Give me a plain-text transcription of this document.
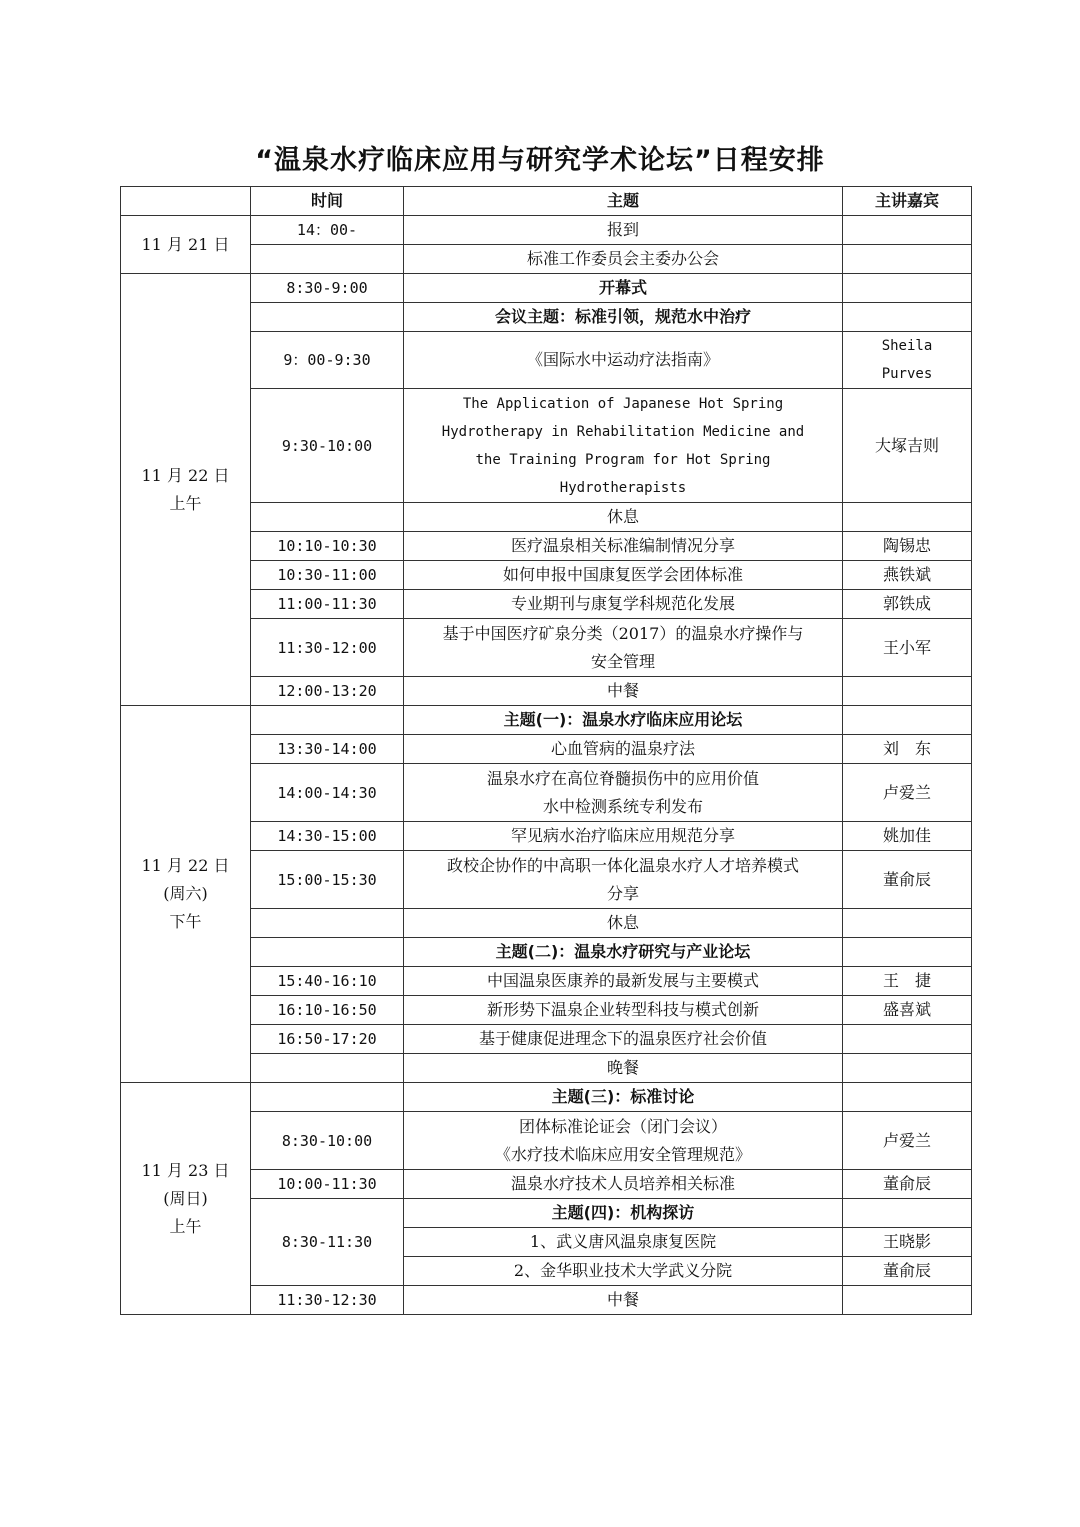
“温泉水疗临床应用与研究学术论坛”日程安排
	时间	主题	主讲嘉宾

11 月 21 日	14：00-	报到	

		标准工作委员会主委办公会	

11 月 22 日
上午	8:30-9:00	开幕式	

		会议主题：标准引领，规范水中治疗	

	9：00-9:30	《国际水中运动疗法指南》	Sheila
Purves

	9:30-10:00	The Application of Japanese Hot Spring
Hydrotherapy in Rehabilitation Medicine and
the Training Program for Hot Spring
Hydrotherapists	大塚吉则

		休息	

	10:10-10:30	医疗温泉相关标准编制情况分享	陶锡忠
	10:30-11:00	如何申报中国康复医学会团体标准	燕铁斌
	11:00-11:30	专业期刊与康复学科规范化发展	郭铁成
	11:30-12:00	基于中国医疗矿泉分类（2017）的温泉水疗操作与
安全管理	王小军
	12:00-13:20	中餐	

11 月 22 日
(周六)
下午		主题(一)：温泉水疗临床应用论坛	

	13:30-14:00	心血管病的温泉疗法	刘　东
	14:00-14:30	温泉水疗在高位脊髓损伤中的应用价值
水中检测系统专利发布	卢爱兰
	14:30-15:00	罕见病水治疗临床应用规范分享	姚加佳
	15:00-15:30	政校企协作的中高职一体化温泉水疗人才培养模式
分享	董俞辰

		休息	

		主题(二)：温泉水疗研究与产业论坛	

	15:40-16:10	中国温泉医康养的最新发展与主要模式	王　捷
	16:10-16:50	新形势下温泉企业转型科技与模式创新	盛喜斌
	16:50-17:20	基于健康促进理念下的温泉医疗社会价值	

		晚餐	

11 月 23 日
(周日)
上午		主题(三)：标准讨论	

	8:30-10:00	团体标准论证会（闭门会议）
《水疗技术临床应用安全管理规范》	卢爱兰
	10:00-11:30	温泉水疗技术人员培养相关标准	董俞辰
	8:30-11:30	主题(四)：机构探访	

		1、武义唐风温泉康复医院	王晓影

		2、金华职业技术大学武义分院	董俞辰
	11:30-12:30	中餐	
